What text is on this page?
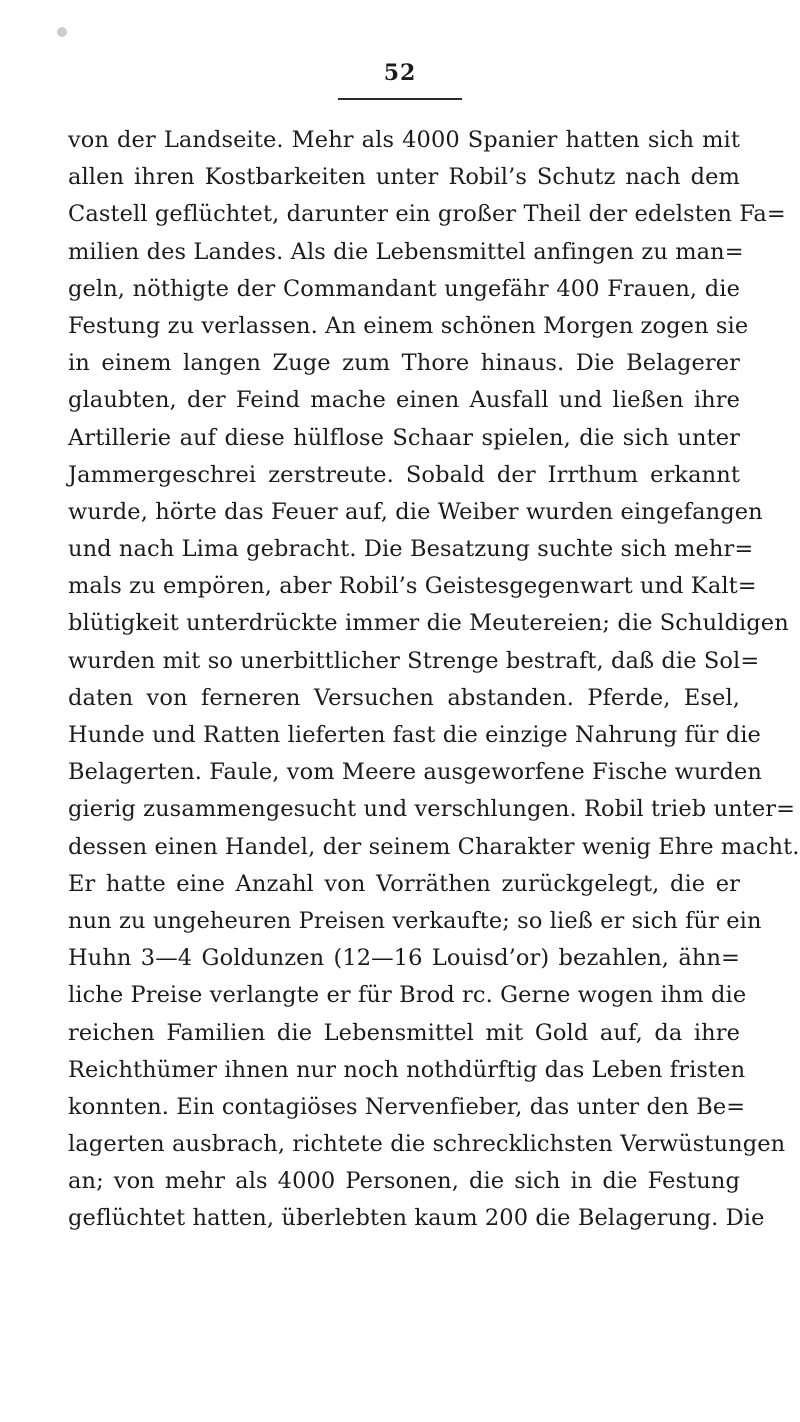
52
von der Landseite. Mehr als 4000 Spanier hatten sich mit
allen ihren Kostbarkeiten unter Robil’s Schutz nach dem
Castell geflüchtet, darunter ein großer Theil der edelsten Fa=
milien des Landes. Als die Lebensmittel anfingen zu man=
geln, nöthigte der Commandant ungefähr 400 Frauen, die
Festung zu verlassen. An einem schönen Morgen zogen sie
in einem langen Zuge zum Thore hinaus. Die Belagerer
glaubten, der Feind mache einen Ausfall und ließen ihre
Artillerie auf diese hülflose Schaar spielen, die sich unter
Jammergeschrei zerstreute. Sobald der Irrthum erkannt
wurde, hörte das Feuer auf, die Weiber wurden eingefangen
und nach Lima gebracht. Die Besatzung suchte sich mehr=
mals zu empören, aber Robil’s Geistesgegenwart und Kalt=
blütigkeit unterdrückte immer die Meutereien; die Schuldigen
wurden mit so unerbittlicher Strenge bestraft, daß die Sol=
daten von ferneren Versuchen abstanden. Pferde, Esel,
Hunde und Ratten lieferten fast die einzige Nahrung für die
Belagerten. Faule, vom Meere ausgeworfene Fische wurden
gierig zusammengesucht und verschlungen. Robil trieb unter=
dessen einen Handel, der seinem Charakter wenig Ehre macht.
Er hatte eine Anzahl von Vorräthen zurückgelegt, die er
nun zu ungeheuren Preisen verkaufte; so ließ er sich für ein
Huhn 3—4 Goldunzen (12—16 Louisd’or) bezahlen, ähn=
liche Preise verlangte er für Brod rc. Gerne wogen ihm die
reichen Familien die Lebensmittel mit Gold auf, da ihre
Reichthümer ihnen nur noch nothdürftig das Leben fristen
konnten. Ein contagiöses Nervenfieber, das unter den Be=
lagerten ausbrach, richtete die schrecklichsten Verwüstungen
an; von mehr als 4000 Personen, die sich in die Festung
geflüchtet hatten, überlebten kaum 200 die Belagerung. Die
